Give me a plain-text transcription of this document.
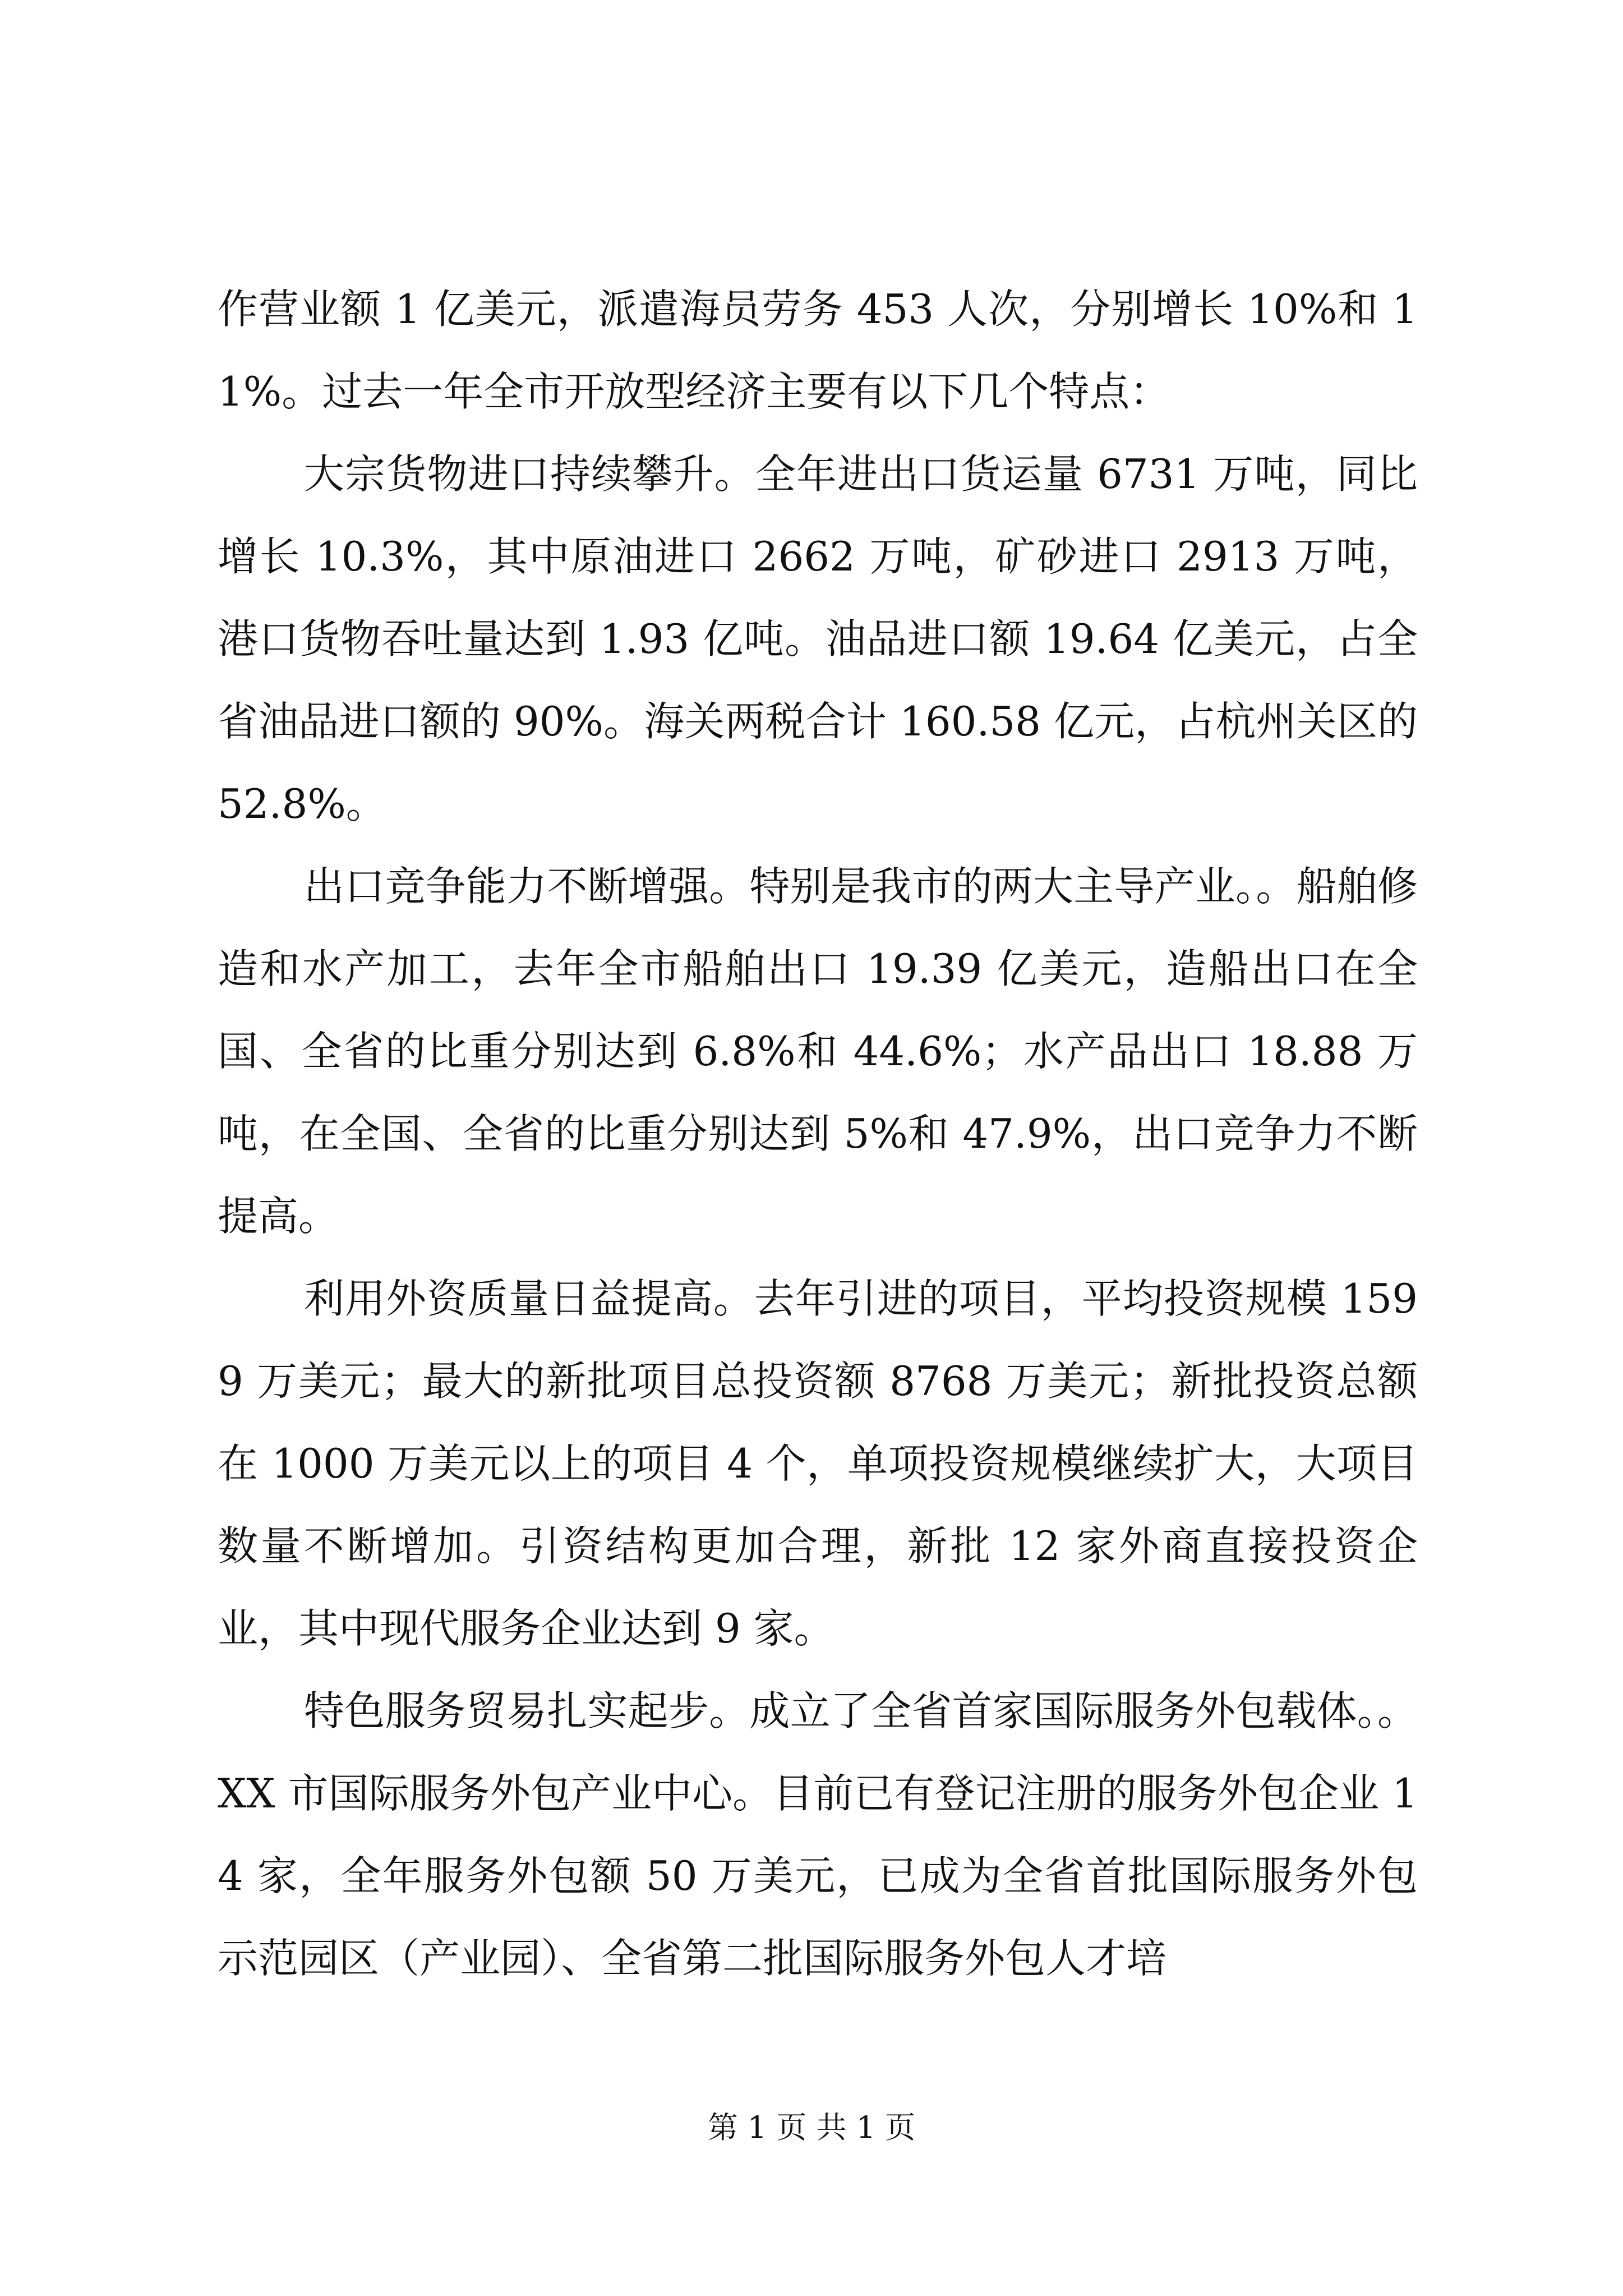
作营业额 1 亿美元，派遣海员劳务 453 人次，分别增长 10%和 11%。过去一年全市开放型经济主要有以下几个特点：

大宗货物进口持续攀升。全年进出口货运量 6731 万吨，同比增长 10.3%，其中原油进口 2662 万吨，矿砂进口 2913 万吨，港口货物吞吐量达到 1.93 亿吨。油品进口额 19.64 亿美元，占全省油品进口额的 90%。海关两税合计 160.58 亿元，占杭州关区的 52.8%。

出口竞争能力不断增强。特别是我市的两大主导产业。。船舶修造和水产加工，去年全市船舶出口 19.39 亿美元，造船出口在全国、全省的比重分别达到 6.8%和 44.6%；水产品出口 18.88 万吨，在全国、全省的比重分别达到 5%和 47.9%，出口竞争力不断提高。

利用外资质量日益提高。去年引进的项目，平均投资规模 1599 万美元；最大的新批项目总投资额 8768 万美元；新批投资总额在 1000 万美元以上的项目 4 个，单项投资规模继续扩大，大项目数量不断增加。引资结构更加合理，新批 12 家外商直接投资企业，其中现代服务企业达到 9 家。

特色服务贸易扎实起步。成立了全省首家国际服务外包载体。。XX 市国际服务外包产业中心。目前已有登记注册的服务外包企业 14 家，全年服务外包额 50 万美元，已成为全省首批国际服务外包示范园区（产业园）、全省第二批国际服务外包人才培

第 1 页 共 1 页
